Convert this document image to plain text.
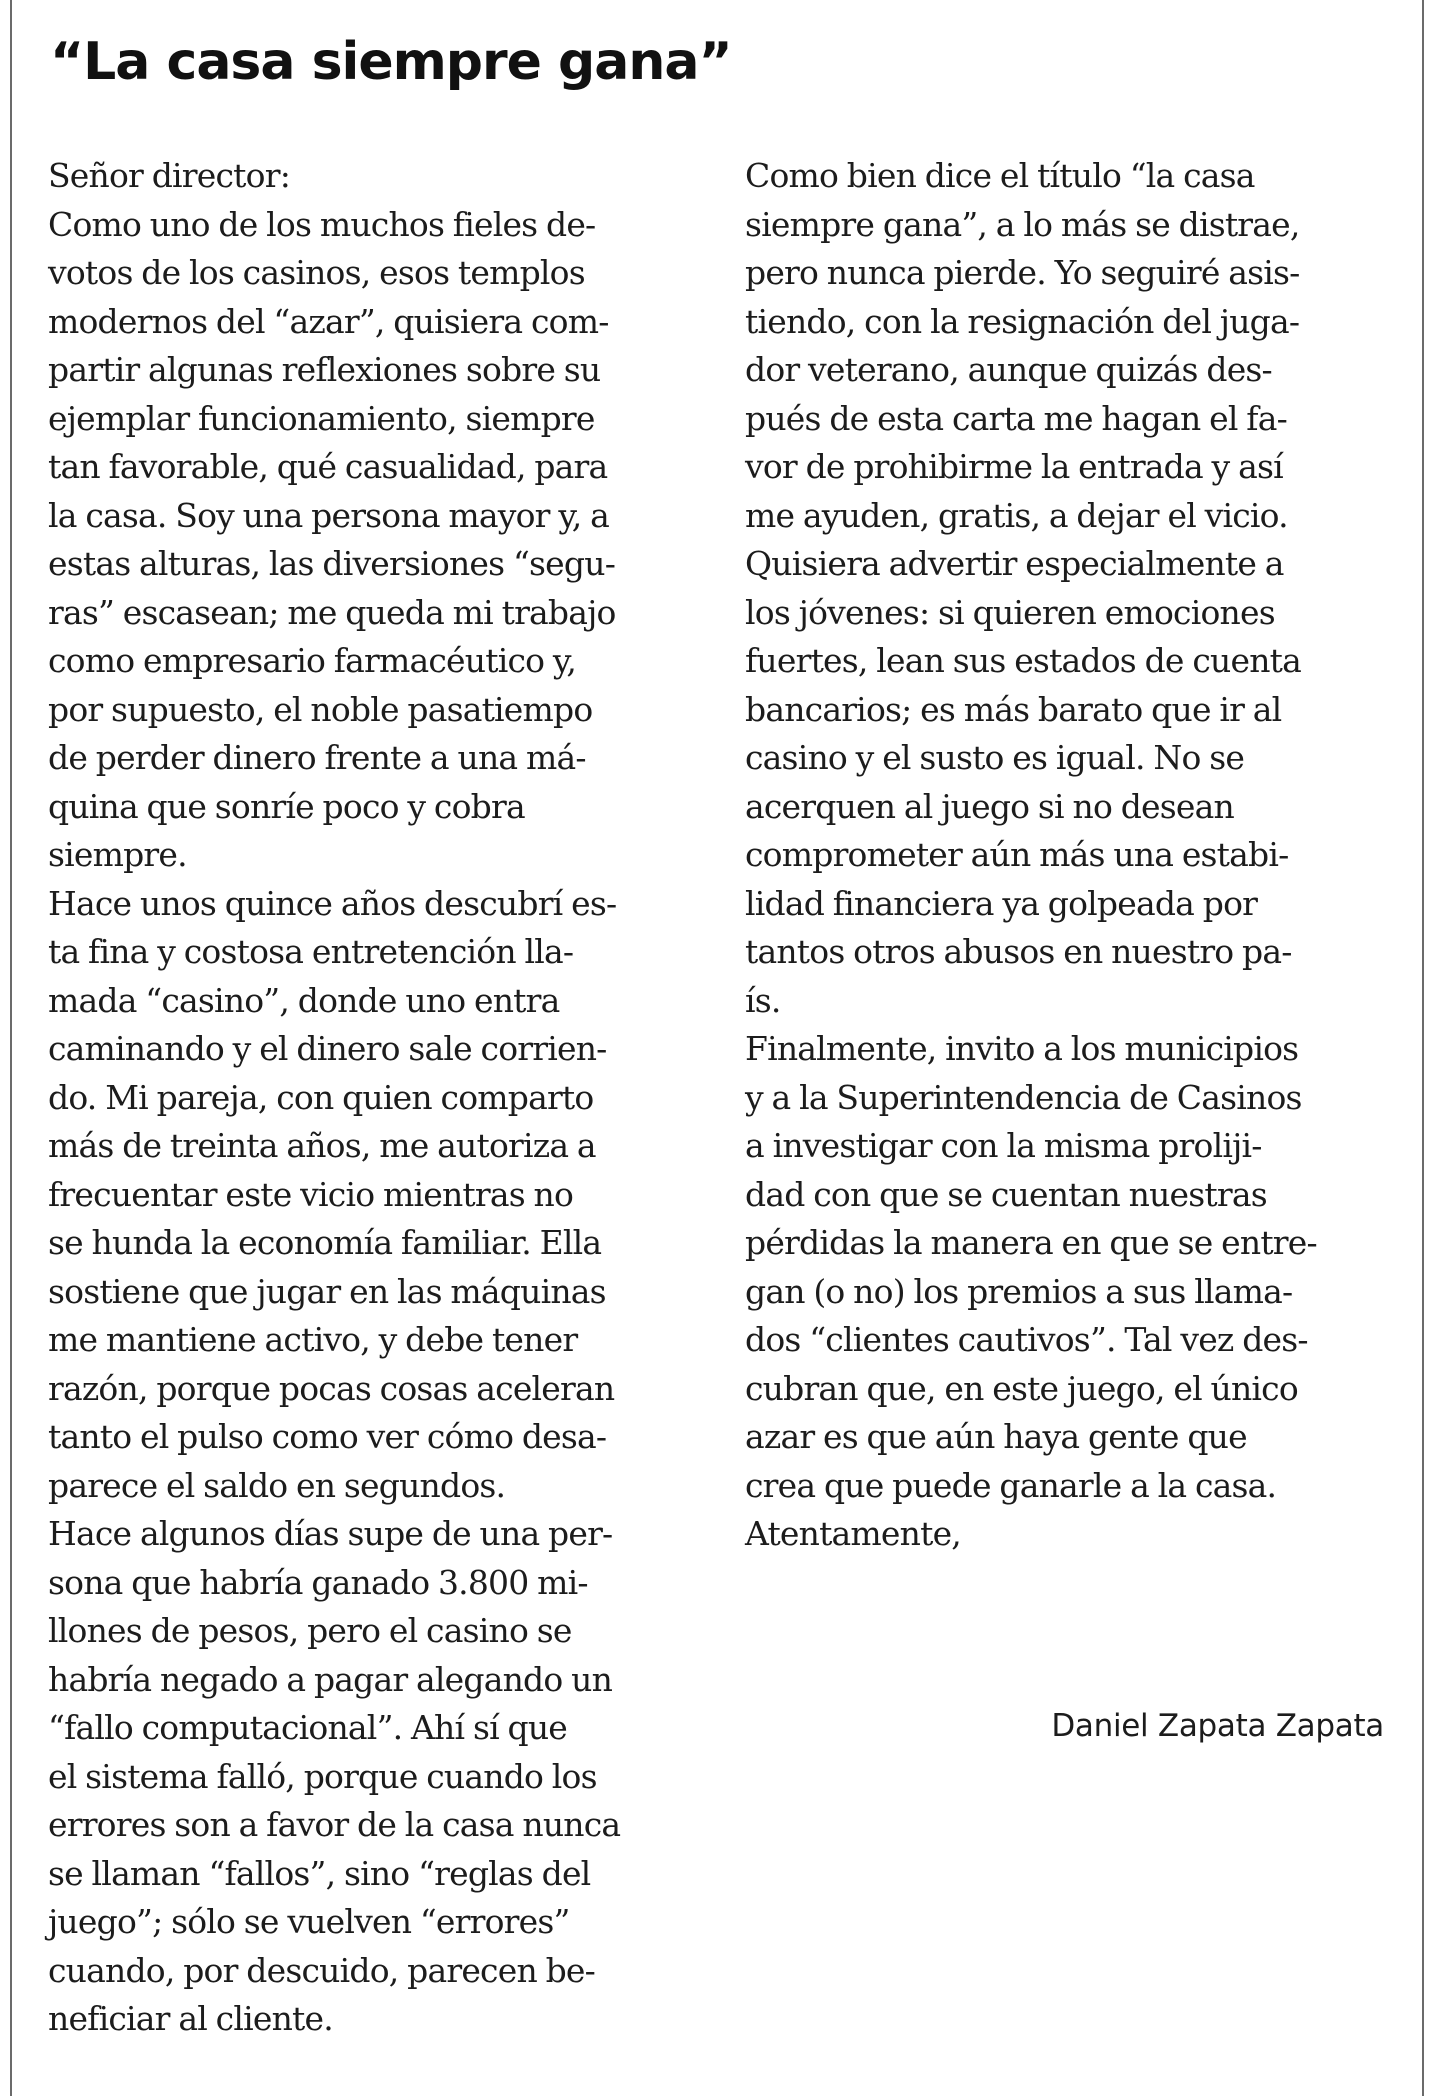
“La casa siempre gana”
Señor director:
Como uno de los muchos fieles de-
votos de los casinos, esos templos
modernos del “azar”, quisiera com-
partir algunas reflexiones sobre su
ejemplar funcionamiento, siempre
tan favorable, qué casualidad, para
la casa. Soy una persona mayor y, a
estas alturas, las diversiones “segu-
ras” escasean; me queda mi trabajo
como empresario farmacéutico y,
por supuesto, el noble pasatiempo
de perder dinero frente a una má-
quina que sonríe poco y cobra
siempre.
Hace unos quince años descubrí es-
ta fina y costosa entretención lla-
mada “casino”, donde uno entra
caminando y el dinero sale corrien-
do. Mi pareja, con quien comparto
más de treinta años, me autoriza a
frecuentar este vicio mientras no
se hunda la economía familiar. Ella
sostiene que jugar en las máquinas
me mantiene activo, y debe tener
razón, porque pocas cosas aceleran
tanto el pulso como ver cómo desa-
parece el saldo en segundos.
Hace algunos días supe de una per-
sona que habría ganado 3.800 mi-
llones de pesos, pero el casino se
habría negado a pagar alegando un
“fallo computacional”. Ahí sí que
el sistema falló, porque cuando los
errores son a favor de la casa nunca
se llaman “fallos”, sino “reglas del
juego”; sólo se vuelven “errores”
cuando, por descuido, parecen be-
neficiar al cliente.
Como bien dice el título “la casa
siempre gana”, a lo más se distrae,
pero nunca pierde. Yo seguiré asis-
tiendo, con la resignación del juga-
dor veterano, aunque quizás des-
pués de esta carta me hagan el fa-
vor de prohibirme la entrada y así
me ayuden, gratis, a dejar el vicio.
Quisiera advertir especialmente a
los jóvenes: si quieren emociones
fuertes, lean sus estados de cuenta
bancarios; es más barato que ir al
casino y el susto es igual. No se
acerquen al juego si no desean
comprometer aún más una estabi-
lidad financiera ya golpeada por
tantos otros abusos en nuestro pa-
ís.
Finalmente, invito a los municipios
y a la Superintendencia de Casinos
a investigar con la misma proliji-
dad con que se cuentan nuestras
pérdidas la manera en que se entre-
gan (o no) los premios a sus llama-
dos “clientes cautivos”. Tal vez des-
cubran que, en este juego, el único
azar es que aún haya gente que
crea que puede ganarle a la casa.
Atentamente,
Daniel Zapata Zapata
